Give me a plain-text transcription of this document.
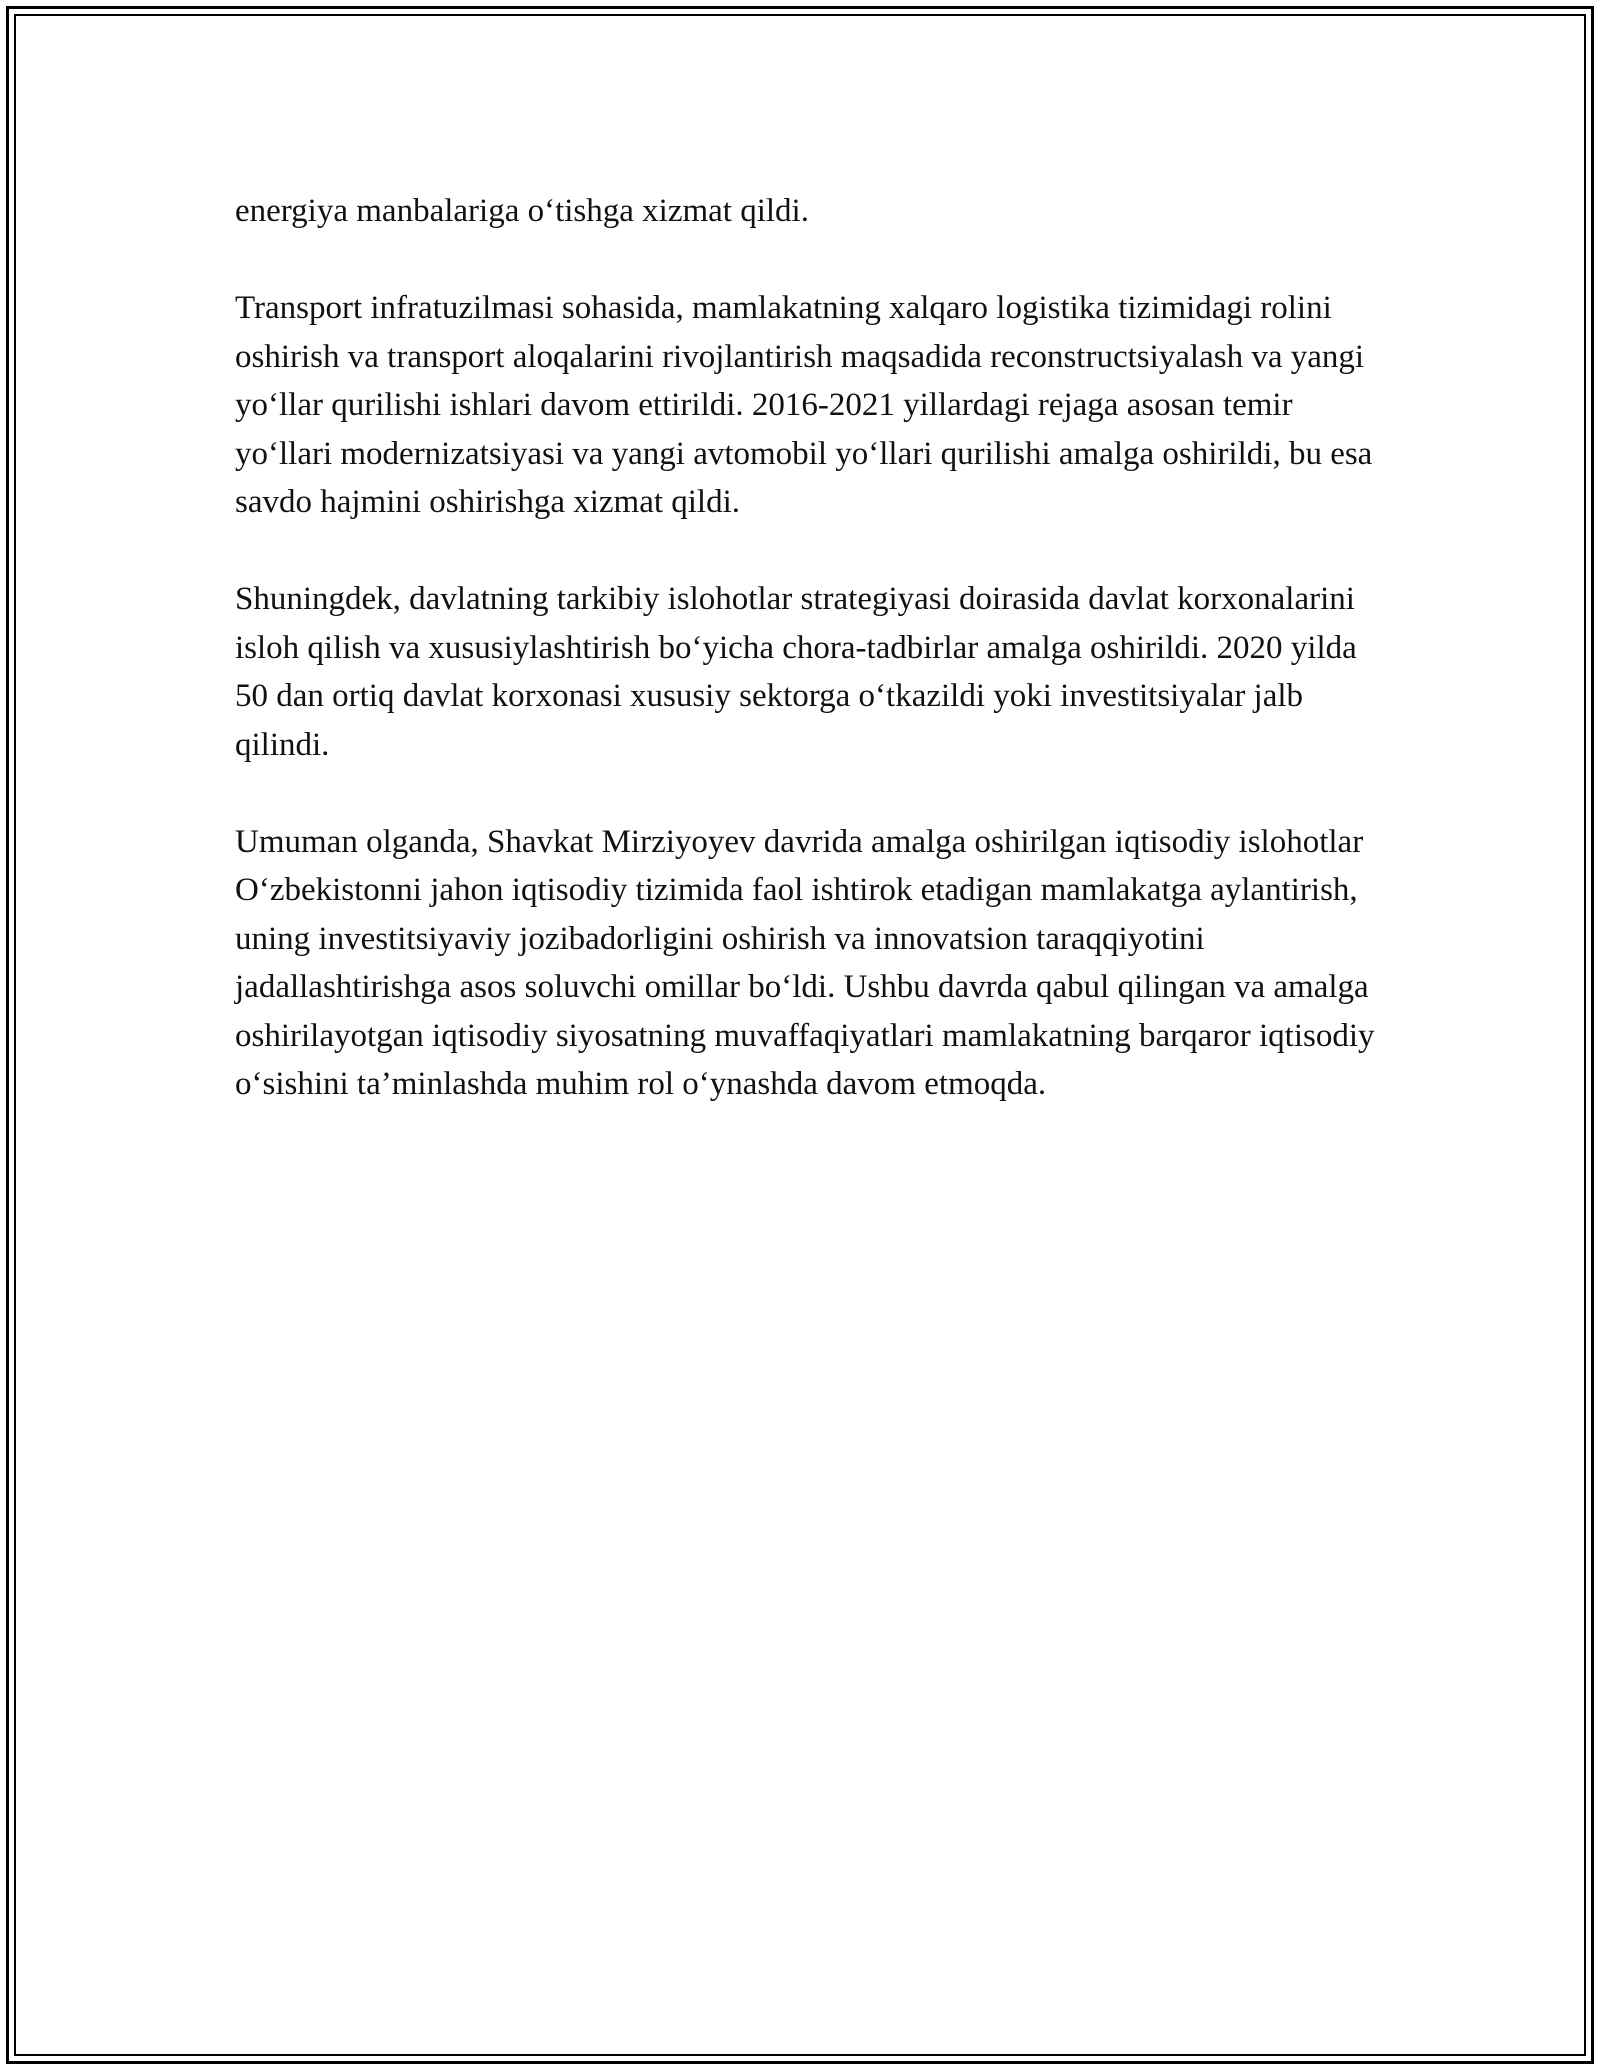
energiya manbalariga o‘tishga xizmat qildi.

Transport infratuzilmasi sohasida, mamlakatning xalqaro logistika tizimidagi rolini oshirish va transport aloqalarini rivojlantirish maqsadida reconstructsiyalash va yangi yo‘llar qurilishi ishlari davom ettirildi. 2016-2021 yillardagi rejaga asosan temir yo‘llari modernizatsiyasi va yangi avtomobil yo‘llari qurilishi amalga oshirildi, bu esa savdo hajmini oshirishga xizmat qildi.

Shuningdek, davlatning tarkibiy islohotlar strategiyasi doirasida davlat korxonalarini isloh qilish va xususiylashtirish bo‘yicha chora-tadbirlar amalga oshirildi. 2020 yilda 50 dan ortiq davlat korxonasi xususiy sektorga o‘tkazildi yoki investitsiyalar jalb qilindi.

Umuman olganda, Shavkat Mirziyoyev davrida amalga oshirilgan iqtisodiy islohotlar O‘zbekistonni jahon iqtisodiy tizimida faol ishtirok etadigan mamlakatga aylantirish, uning investitsiyaviy jozibadorligini oshirish va innovatsion taraqqiyotini jadallashtirishga asos soluvchi omillar bo‘ldi. Ushbu davrda qabul qilingan va amalga oshirilayotgan iqtisodiy siyosatning muvaffaqiyatlari mamlakatning barqaror iqtisodiy o‘sishini ta’minlashda muhim rol o‘ynashda davom etmoqda.
